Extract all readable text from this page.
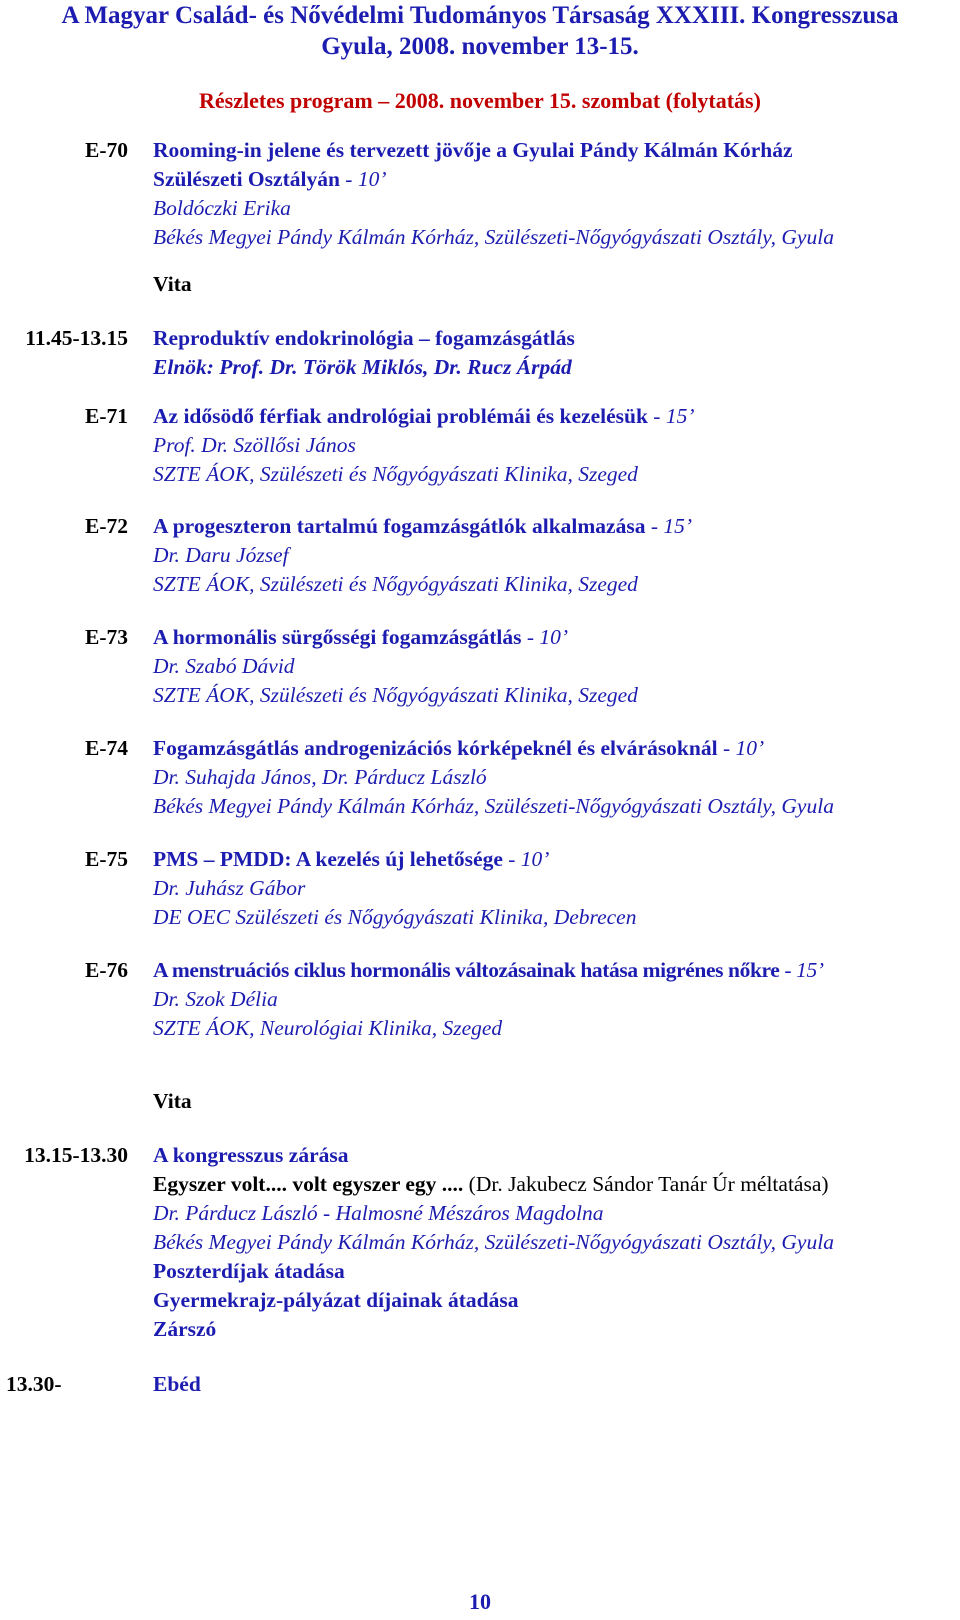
A Magyar Család- és Nővédelmi Tudományos Társaság XXXIII. Kongresszusa
Gyula, 2008. november 13-15.
Részletes program – 2008. november 15. szombat (folytatás)
E-70 Rooming-in jelene és tervezett jövője a Gyulai Pándy Kálmán Kórház
Szülészeti Osztályán - 10’
Boldóczki Erika
Békés Megyei Pándy Kálmán Kórház, Szülészeti-Nőgyógyászati Osztály, Gyula
Vita
11.45-13.15 Reproduktív endokrinológia – fogamzásgátlás
Elnök: Prof. Dr. Török Miklós, Dr. Rucz Árpád
E-71 Az idősödő férfiak andrológiai problémái és kezelésük - 15’
Prof. Dr. Szöllősi János
SZTE ÁOK, Szülészeti és Nőgyógyászati Klinika, Szeged
E-72 A progeszteron tartalmú fogamzásgátlók alkalmazása - 15’
Dr. Daru József
SZTE ÁOK, Szülészeti és Nőgyógyászati Klinika, Szeged
E-73 A hormonális sürgősségi fogamzásgátlás - 10’
Dr. Szabó Dávid
SZTE ÁOK, Szülészeti és Nőgyógyászati Klinika, Szeged
E-74 Fogamzásgátlás androgenizációs kórképeknél és elvárásoknál - 10’
Dr. Suhajda János, Dr. Párducz László
Békés Megyei Pándy Kálmán Kórház, Szülészeti-Nőgyógyászati Osztály, Gyula
E-75 PMS – PMDD: A kezelés új lehetősége - 10’
Dr. Juhász Gábor
DE OEC Szülészeti és Nőgyógyászati Klinika, Debrecen
E-76 A menstruációs ciklus hormonális változásainak hatása migrénes nőkre - 15’
Dr. Szok Délia
SZTE ÁOK, Neurológiai Klinika, Szeged
Vita
13.15-13.30 A kongresszus zárása
Egyszer volt.... volt egyszer egy .... (Dr. Jakubecz Sándor Tanár Úr méltatása)
Dr. Párducz László - Halmosné Mészáros Magdolna
Békés Megyei Pándy Kálmán Kórház, Szülészeti-Nőgyógyászati Osztály, Gyula
Poszterdíjak átadása
Gyermekrajz-pályázat díjainak átadása
Zárszó
13.30-	Ebéd
10
